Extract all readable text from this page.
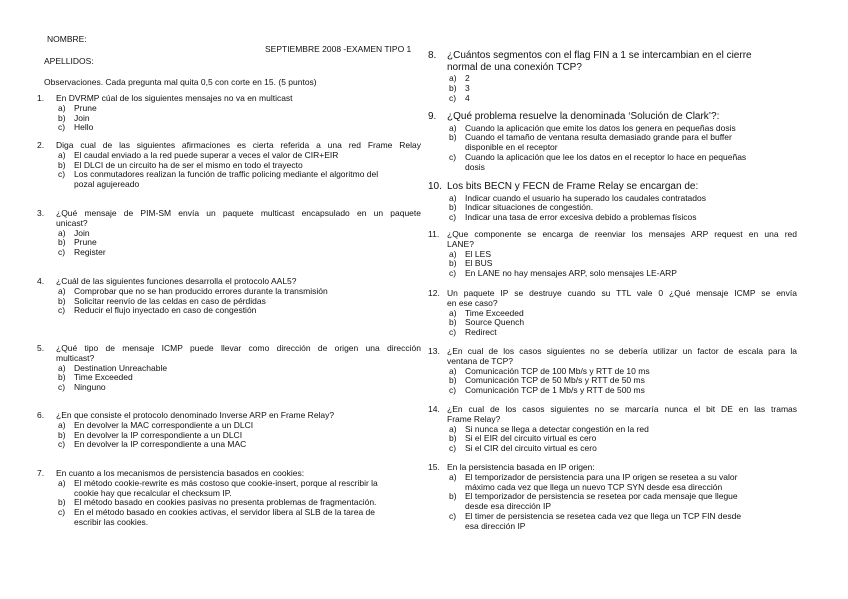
NOMBRE:
SEPTIEMBRE 2008 -EXAMEN TIPO 1
APELLIDOS:
Observaciones. Cada pregunta mal quita 0,5 con corte en 15. (5 puntos)
1. En DVRMP cúal de los siguientes mensajes no va en multicast
a) Prune
b) Join
c) Hello
2. Diga cual de las siguientes afirmaciones es cierta referida a una red Frame Relay
a) El caudal enviado a la red puede superar a veces el valor de CIR+EIR
b) El DLCI de un circuito ha de ser el mismo en todo el trayecto
c) Los conmutadores realizan la función de traffic policing mediante el algoritmo del
pozal agujereado
3. ¿Qué mensaje de PIM-SM envía un paquete multicast encapsulado en un paquete
unicast?
a) Join
b) Prune
c) Register
4. ¿Cuál de las siguientes funciones desarrolla el protocolo AAL5?
a) Comprobar que no se han producido errores durante la transmisión
b) Solicitar reenvío de las celdas en caso de pérdidas
c) Reducir el flujo inyectado en caso de congestión
5. ¿Qué tipo de mensaje ICMP puede llevar como dirección de origen una dirección
multicast?
a) Destination Unreachable
b) Time Exceeded
c) Ninguno
6. ¿En que consiste el protocolo denominado Inverse ARP en Frame Relay?
a) En devolver la MAC correspondiente a un DLCI
b) En devolver la IP correspondiente a un DLCI
c) En devolver la IP correspondiente a una MAC
7. En cuanto a los mecanismos de persistencia basados en cookies:
a) El método cookie-rewrite es más costoso que cookie-insert, porque al rescribir la
cookie hay que recalcular el checksum IP.
b) El método basado en cookies pasivas no presenta problemas de fragmentación.
c) En el método basado en cookies activas, el servidor libera al SLB de la tarea de
escribir las cookies.
8. ¿Cuántos segmentos con el flag FIN a 1 se intercambian en el cierre
normal de una conexión TCP?
a) 2
b) 3
c) 4
9. ¿Qué problema resuelve la denominada ‘Solución de Clark’?:
a) Cuando la aplicación que emite los datos los genera en pequeñas dosis
b) Cuando el tamaño de ventana resulta demasiado grande para el buffer
disponible en el receptor
c) Cuando la aplicación que lee los datos en el receptor lo hace en pequeñas
dosis
10. Los bits BECN y FECN de Frame Relay se encargan de:
a) Indicar cuando el usuario ha superado los caudales contratados
b) Indicar situaciones de congestión.
c) Indicar una tasa de error excesiva debido a problemas físicos
11. ¿Que componente se encarga de reenviar los mensajes ARP request en una red
LANE?
a) El LES
b) El BUS
c) En LANE no hay mensajes ARP, solo mensajes LE-ARP
12. Un paquete IP se destruye cuando su TTL vale 0 ¿Qué mensaje ICMP se envía
en ese caso?
a) Time Exceeded
b) Source Quench
c) Redirect
13. ¿En cual de los casos siguientes no se debería utilizar un factor de escala para la
ventana de TCP?
a) Comunicación TCP de 100 Mb/s y RTT de 10 ms
b) Comunicación TCP de 50 Mb/s y RTT de 50 ms
c) Comunicación TCP de 1 Mb/s y RTT de 500 ms
14. ¿En cual de los casos siguientes no se marcaría nunca el bit DE en las tramas
Frame Relay?
a) Si nunca se llega a detectar congestión en la red
b) Si el EIR del circuito virtual es cero
c) Si el CIR del circuito virtual es cero
15. En la persistencia basada en IP origen:
a) El temporizador de persistencia para una IP origen se resetea a su valor
máximo cada vez que llega un nuevo TCP SYN desde esa dirección
b) El temporizador de persistencia se resetea por cada mensaje que llegue
desde esa dirección IP
c) El timer de persistencia se resetea cada vez que llega un TCP FIN desde
esa dirección IP
